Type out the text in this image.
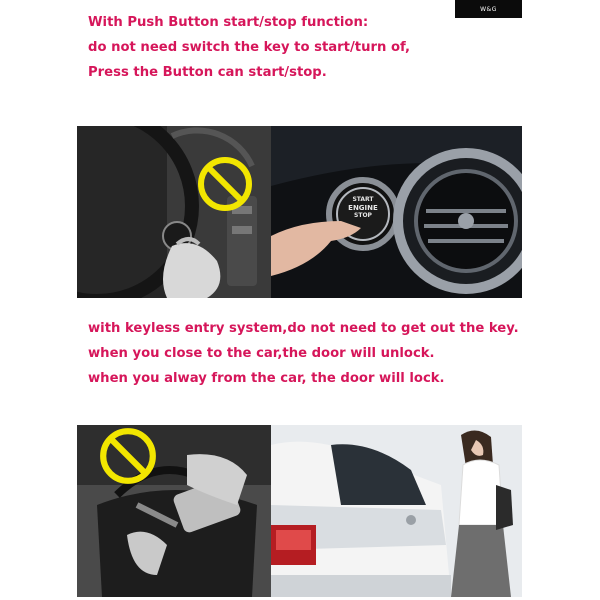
W&G
With Push Button start/stop function:
do not need switch the key to start/turn of,
Press the Button can start/stop.
START
ENGINE
STOP
with keyless entry system,do not need to get out the key.
when you close to the car,the door will unlock.
when you alway from the car, the door will lock.
